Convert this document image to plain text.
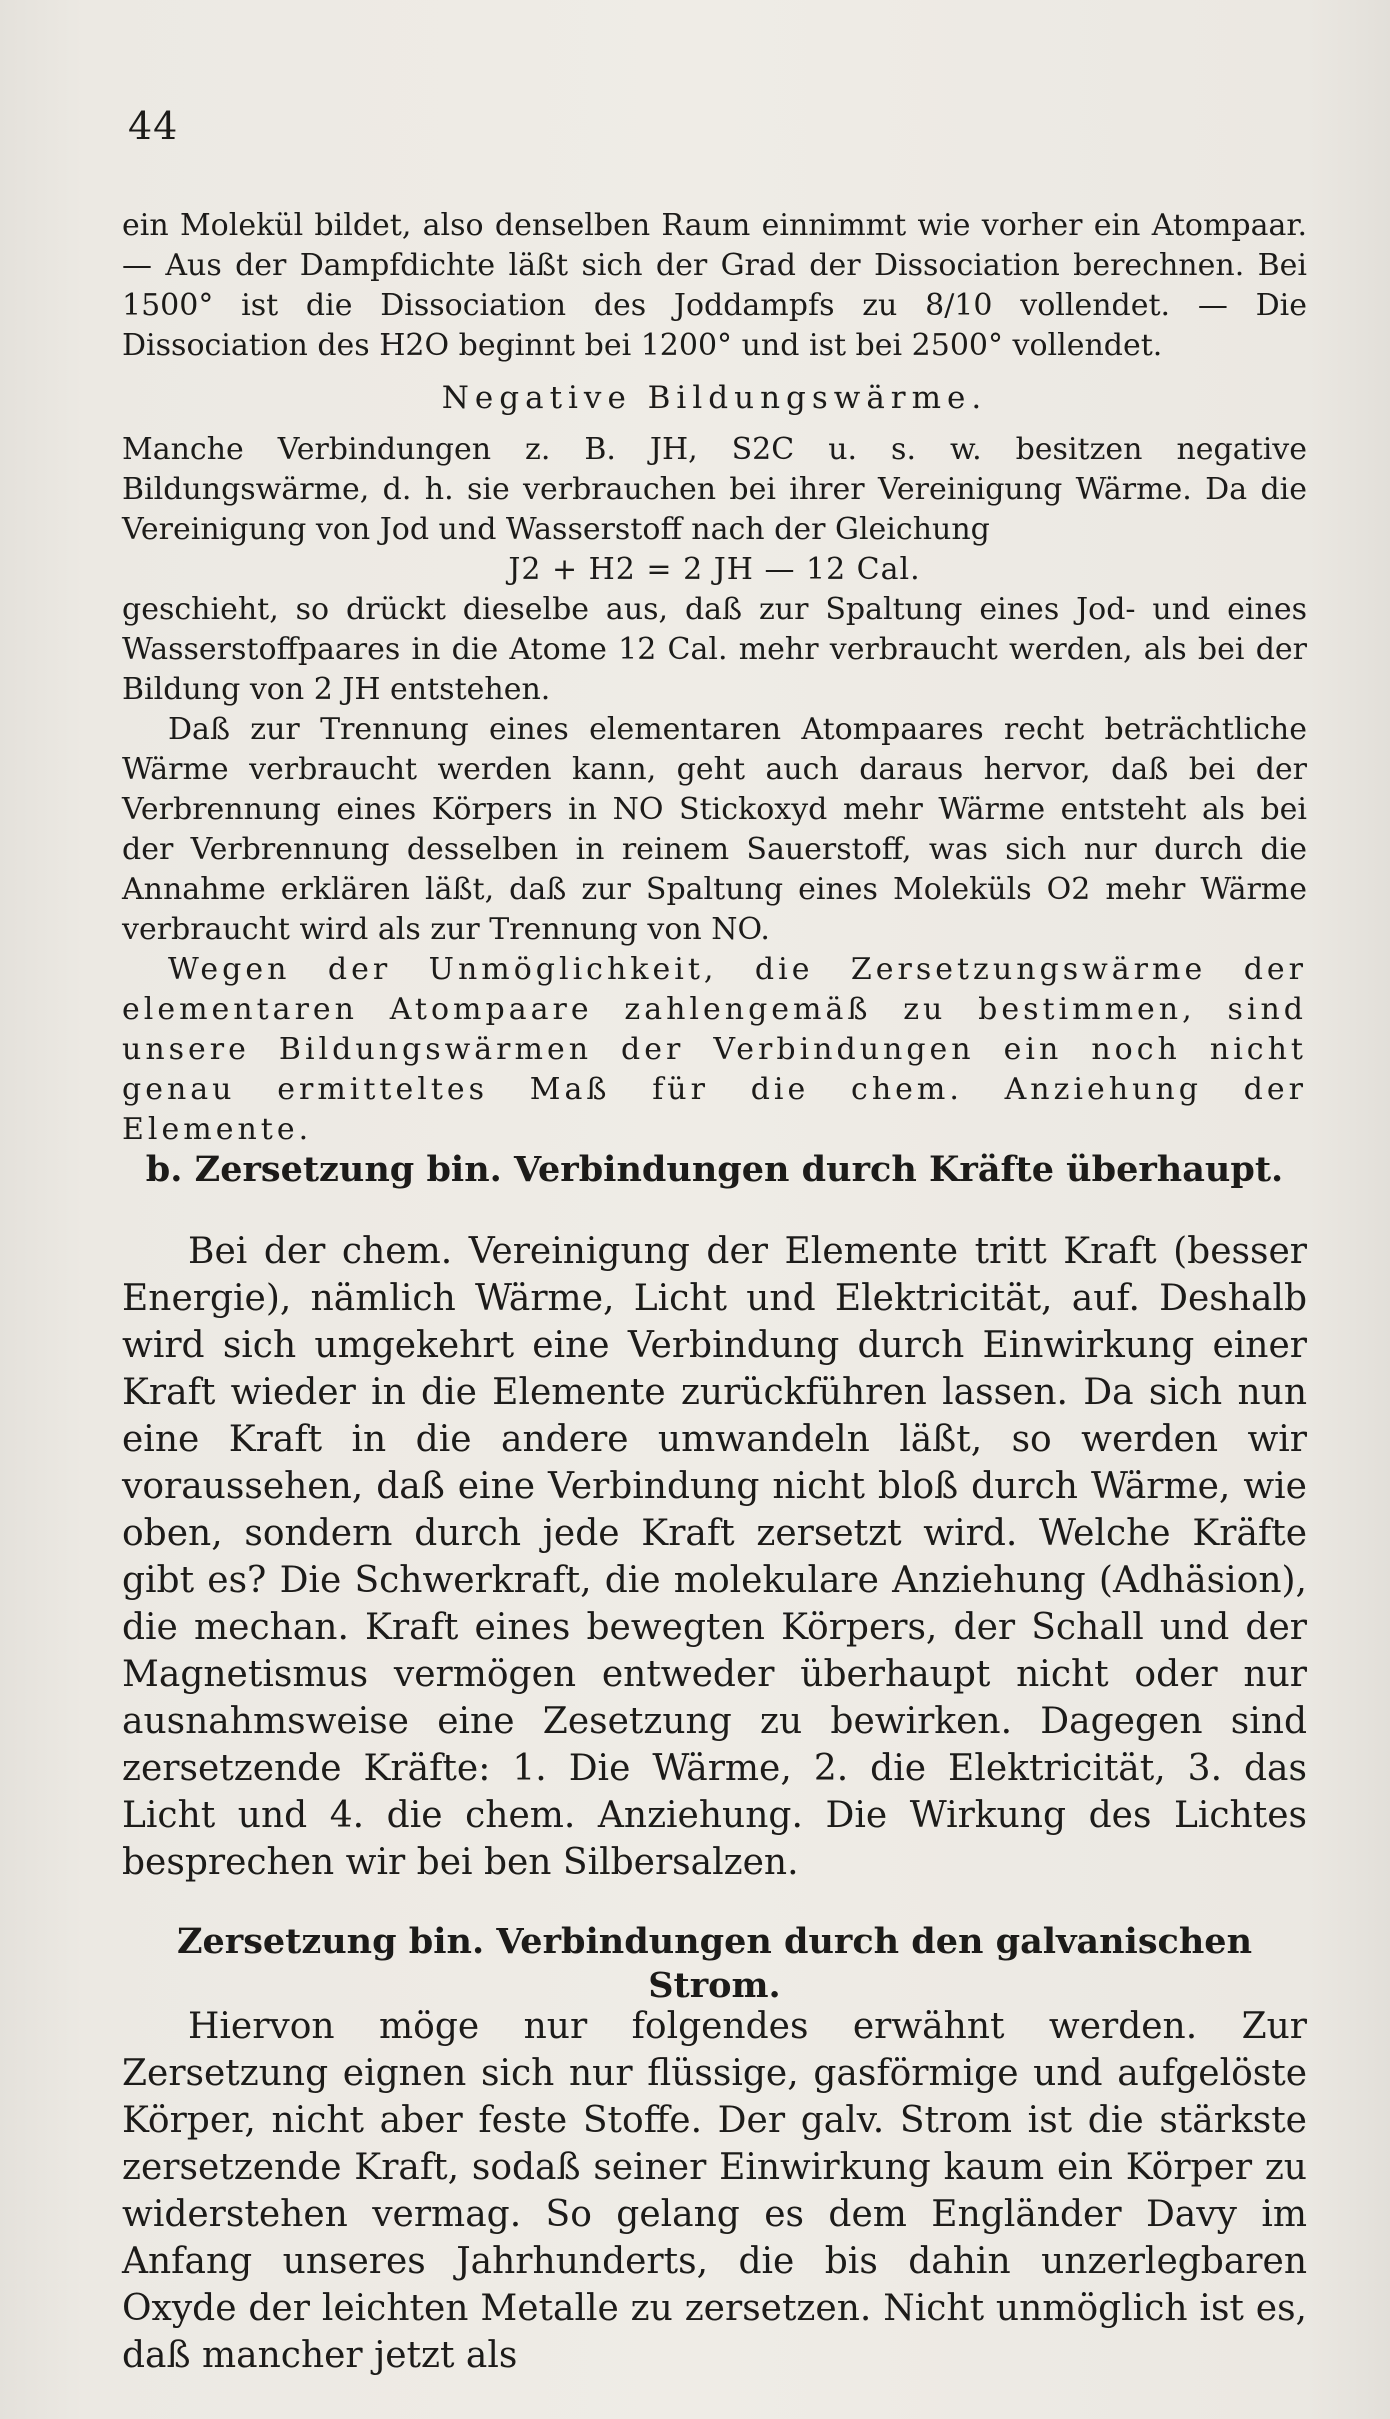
44

ein Molekül bildet, also denselben Raum einnimmt wie vorher ein Atompaar. — Aus der Dampfdichte läßt sich der Grad der Dissociation berechnen. Bei 1500° ist die Dissociation des Joddampfs zu 8/10 vollendet. — Die Dissociation des H2O beginnt bei 1200° und ist bei 2500° vollendet.

Negative Bildungswärme.

Manche Verbindungen z. B. JH, S2C u. s. w. besitzen negative Bildungswärme, d. h. sie verbrauchen bei ihrer Vereinigung Wärme. Da die Vereinigung von Jod und Wasserstoff nach der Gleichung

J2 + H2 = 2 JH — 12 Cal.

geschieht, so drückt dieselbe aus, daß zur Spaltung eines Jod- und eines Wasserstoffpaares in die Atome 12 Cal. mehr verbraucht werden, als bei der Bildung von 2 JH entstehen.

Daß zur Trennung eines elementaren Atompaares recht beträchtliche Wärme verbraucht werden kann, geht auch daraus hervor, daß bei der Verbrennung eines Körpers in NO Stickoxyd mehr Wärme entsteht als bei der Verbrennung desselben in reinem Sauerstoff, was sich nur durch die Annahme erklären läßt, daß zur Spaltung eines Moleküls O2 mehr Wärme verbraucht wird als zur Trennung von NO.

Wegen der Unmöglichkeit, die Zersetzungswärme der elementaren Atompaare zahlengemäß zu bestimmen, sind unsere Bildungswärmen der Verbindungen ein noch nicht genau ermitteltes Maß für die chem. Anziehung der Elemente.

b. Zersetzung bin. Verbindungen durch Kräfte überhaupt.

Bei der chem. Vereinigung der Elemente tritt Kraft (besser Energie), nämlich Wärme, Licht und Elektricität, auf. Deshalb wird sich umgekehrt eine Verbindung durch Einwirkung einer Kraft wieder in die Elemente zurückführen lassen. Da sich nun eine Kraft in die andere umwandeln läßt, so werden wir voraussehen, daß eine Verbindung nicht bloß durch Wärme, wie oben, sondern durch jede Kraft zersetzt wird. Welche Kräfte gibt es? Die Schwerkraft, die molekulare Anziehung (Adhäsion), die mechan. Kraft eines bewegten Körpers, der Schall und der Magnetismus vermögen entweder überhaupt nicht oder nur ausnahmsweise eine Zesetzung zu bewirken. Dagegen sind zersetzende Kräfte: 1. Die Wärme, 2. die Elektricität, 3. das Licht und 4. die chem. Anziehung. Die Wirkung des Lichtes besprechen wir bei ben Silbersalzen.

Zersetzung bin. Verbindungen durch den galvanischen Strom.

Hiervon möge nur folgendes erwähnt werden. Zur Zersetzung eignen sich nur flüssige, gasförmige und aufgelöste Körper, nicht aber feste Stoffe. Der galv. Strom ist die stärkste zersetzende Kraft, sodaß seiner Einwirkung kaum ein Körper zu widerstehen vermag. So gelang es dem Engländer Davy im Anfang unseres Jahrhunderts, die bis dahin unzerlegbaren Oxyde der leichten Metalle zu zersetzen. Nicht unmöglich ist es, daß mancher jetzt als
